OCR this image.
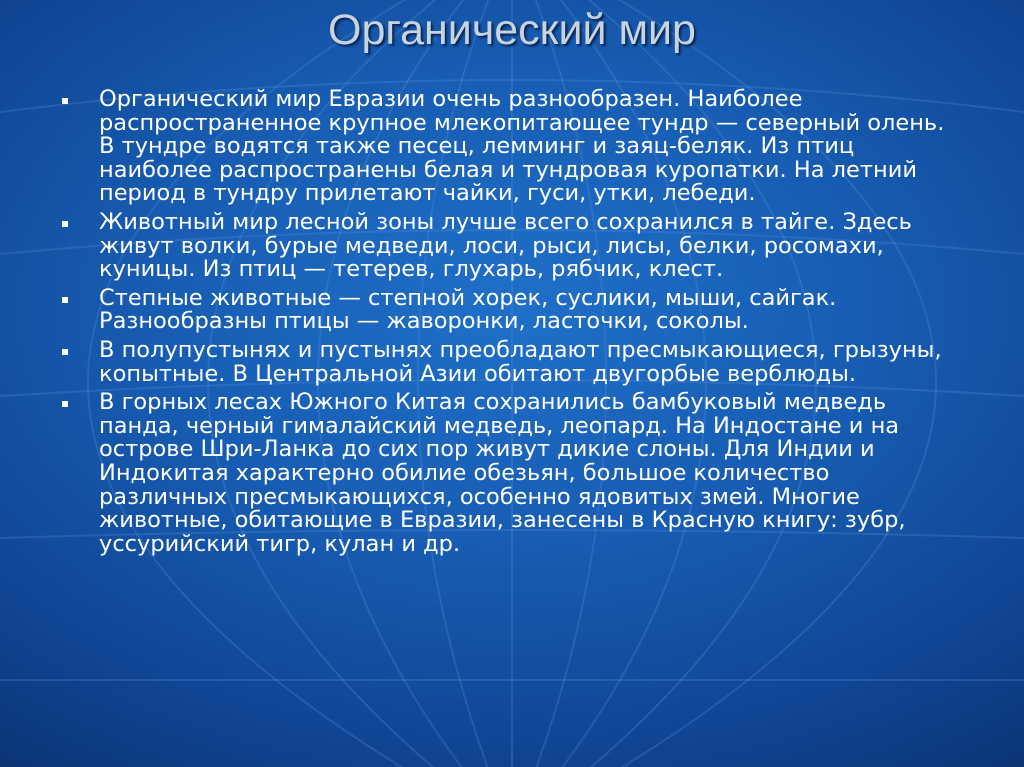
Органический мир
Органический мир Евразии очень разнообразен. Наиболее распространенное крупное млекопитающее тундр — северный олень. В тундре водятся также песец, лемминг и заяц-беляк. Из птиц наиболее распространены белая и тундровая куропатки. На летний период в тундру прилетают чайки, гуси, утки, лебеди.
Животный мир лесной зоны лучше всего сохранился в тайге. Здесь живут волки, бурые медведи, лоси, рыси, лисы, белки, росомахи, куницы. Из птиц — тетерев, глухарь, рябчик, клест.
Степные животные — степной хорек, суслики, мыши, сайгак. Разнообразны птицы — жаворонки, ласточки, соколы.
В полупустынях и пустынях преобладают пресмыкающиеся, грызуны, копытные. В Центральной Азии обитают двугорбые верблюды.
В горных лесах Южного Китая сохранились бамбуковый медведь панда, черный гималайский медведь, леопард. На Индостане и на острове Шри-Ланка до сих пор живут дикие слоны. Для Индии и Индокитая характерно обилие обезьян, большое количество различных пресмыкающихся, особенно ядовитых змей. Многие животные, обитающие в Евразии, занесены в Красную книгу: зубр, уссурийский тигр, кулан и др.
